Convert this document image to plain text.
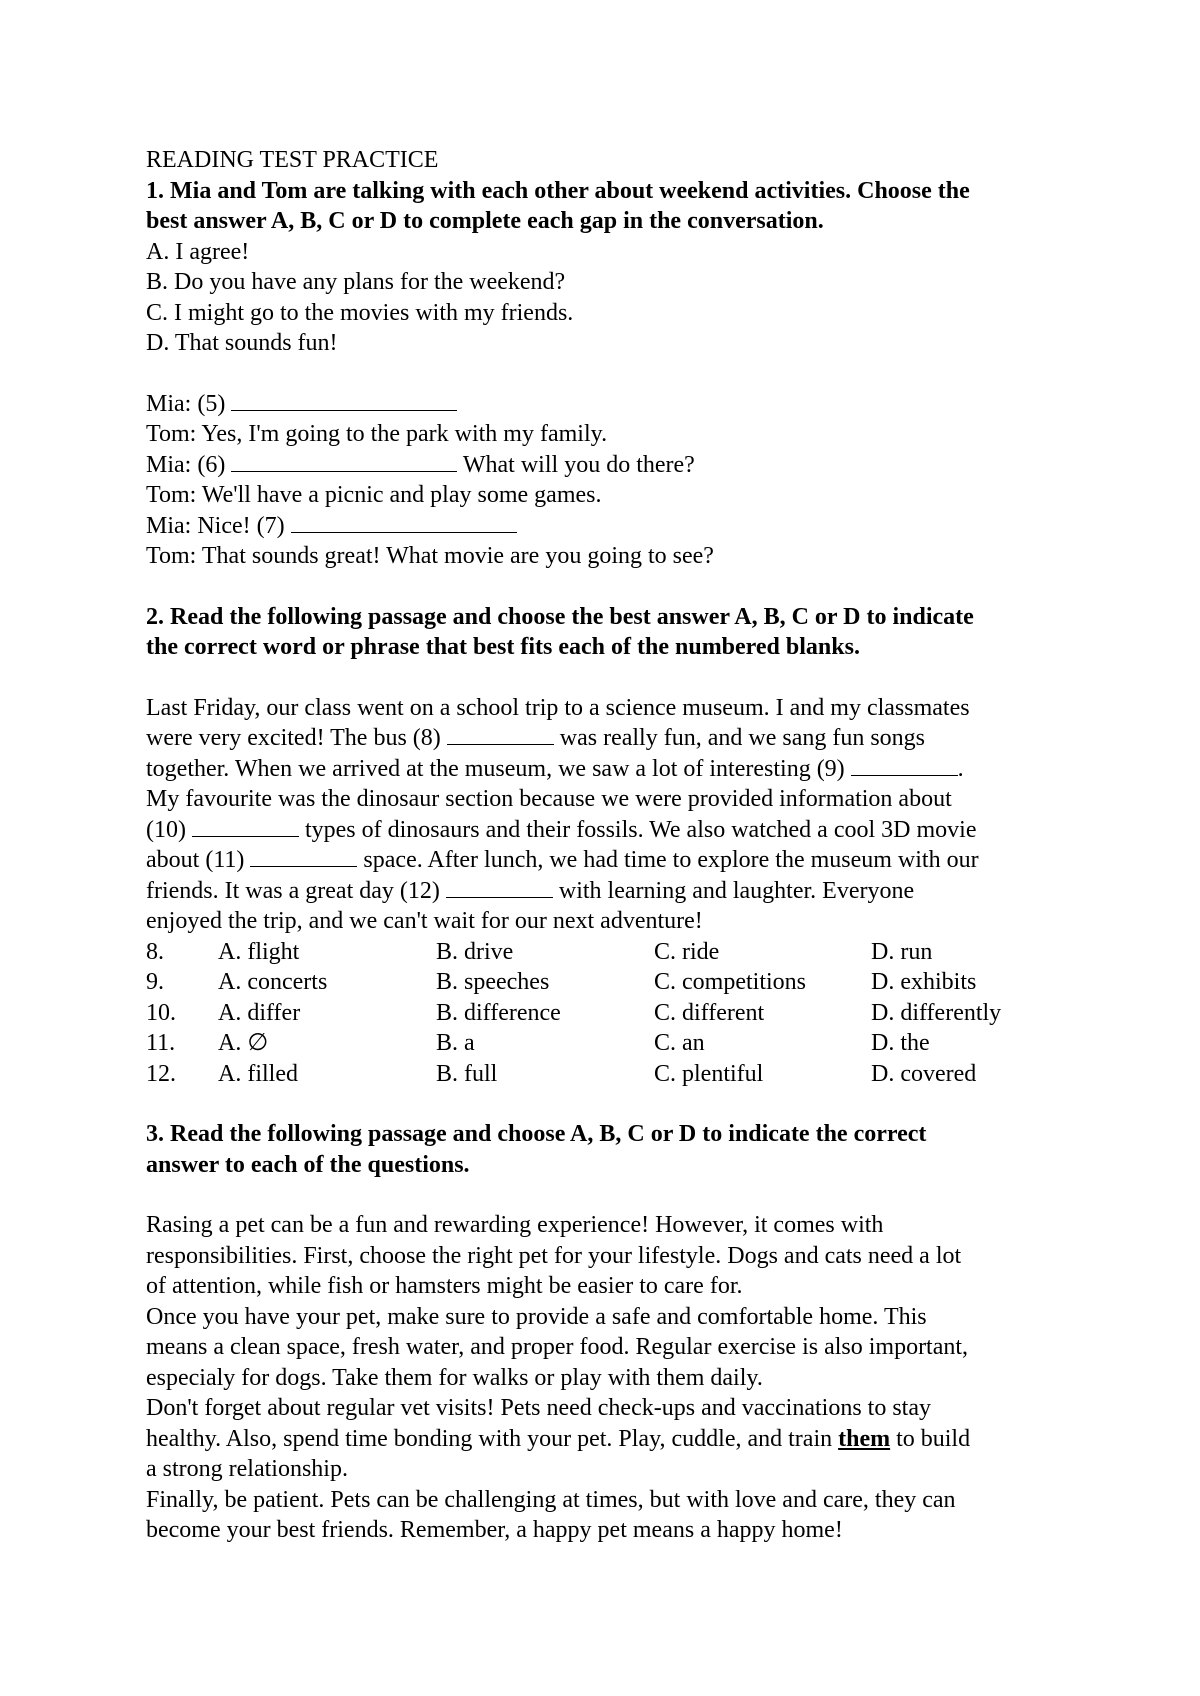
READING TEST PRACTICE
1. Mia and Tom are talking with each other about weekend activities. Choose the
best answer A, B, C or D to complete each gap in the conversation.
A. I agree!
B. Do you have any plans for the weekend?
C. I might go to the movies with my friends.
D. That sounds fun!
Mia: (5)
Tom: Yes, I'm going to the park with my family.
Mia: (6)	What will you do there?
Tom: We'll have a picnic and play some games.
Mia: Nice! (7)
Tom: That sounds great! What movie are you going to see?
2. Read the following passage and choose the best answer A, B, C or D to indicate
the correct word or phrase that best fits each of the numbered blanks.
Last Friday, our class went on a school trip to a science museum. I and my classmates
were very excited! The bus (8)	was really fun, and we sang fun songs
together. When we arrived at the museum, we saw a lot of interesting (9)	.
My favourite was the dinosaur section because we were provided information about
(10)	types of dinosaurs and their fossils. We also watched a cool 3D movie
about (11)	space. After lunch, we had time to explore the museum with our
friends. It was a great day (12)	with learning and laughter. Everyone
enjoyed the trip, and we can't wait for our next adventure!
8.	A. flight	B. drive	C. ride	D. run
9.	A. concerts	B. speeches	C. competitions	D. exhibits
10.	A. differ	B. difference	C. different	D. differently
11.	A. ∅	B. a	C. an	D. the
12.	A. filled	B. full	C. plentiful	D. covered
3. Read the following passage and choose A, B, C or D to indicate the correct
answer to each of the questions.
Rasing a pet can be a fun and rewarding experience! However, it comes with
responsibilities. First, choose the right pet for your lifestyle. Dogs and cats need a lot
of attention, while fish or hamsters might be easier to care for.
Once you have your pet, make sure to provide a safe and comfortable home. This
means a clean space, fresh water, and proper food. Regular exercise is also important,
especialy for dogs. Take them for walks or play with them daily.
Don't forget about regular vet visits! Pets need check-ups and vaccinations to stay
healthy. Also, spend time bonding with your pet. Play, cuddle, and train them to build
a strong relationship.
Finally, be patient. Pets can be challenging at times, but with love and care, they can
become your best friends. Remember, a happy pet means a happy home!
